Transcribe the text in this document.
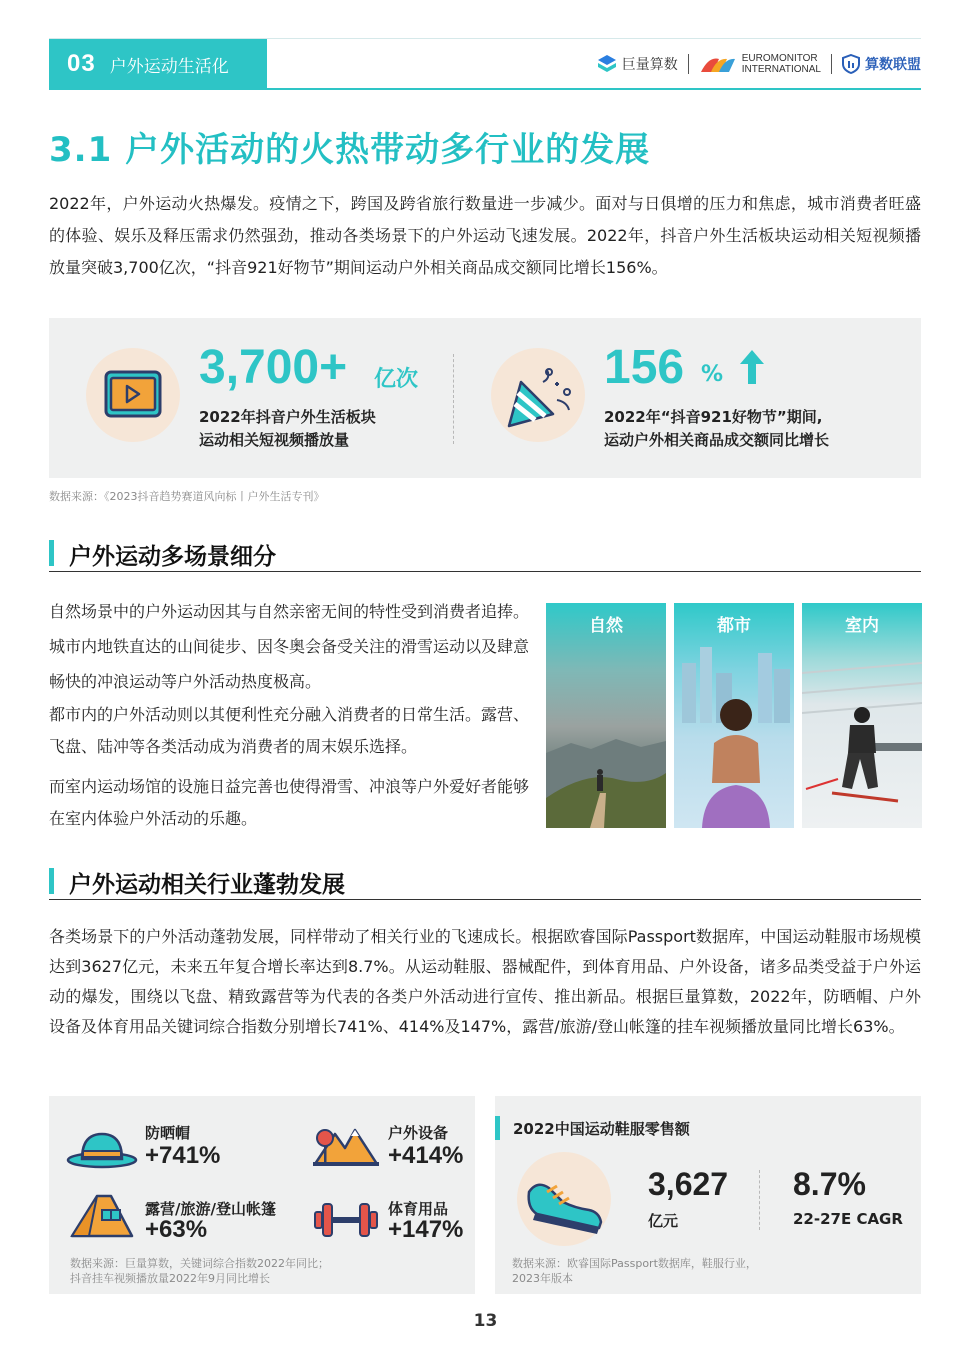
03 户外运动生活化	巨量算数	EUROMONITOR
INTERNATIONAL	算数联盟
3.1 户外活动的火热带动多行业的发展
2022年，户外运动火热爆发。疫情之下，跨国及跨省旅行数量进一步减少。面对与日俱增的压力和焦虑，城市消费者旺盛的体验、娱乐及释压需求仍然强劲，推动各类场景下的户外运动飞速发展。2022年，抖音户外生活板块运动相关短视频播放量突破3,700亿次，“抖音921好物节”期间运动户外相关商品成交额同比增长156%。
3,700+ 亿次
2022年抖音户外生活板块
运动相关短视频播放量
156 %
2022年“抖音921好物节”期间,
运动户外相关商品成交额同比增长
数据来源：《2023抖音趋势赛道风向标丨户外生活专刊》
户外运动多场景细分
自然场景中的户外运动因其与自然亲密无间的特性受到消费者追捧。城市内地铁直达的山间徒步、因冬奥会备受关注的滑雪运动以及肆意畅快的冲浪运动等户外活动热度极高。
都市内的户外活动则以其便利性充分融入消费者的日常生活。露营、飞盘、陆冲等各类活动成为消费者的周末娱乐选择。
而室内运动场馆的设施日益完善也使得滑雪、冲浪等户外爱好者能够在室内体验户外活动的乐趣。
自然	都市	室内
户外运动相关行业蓬勃发展
各类场景下的户外活动蓬勃发展，同样带动了相关行业的飞速成长。根据欧睿国际Passport数据库，中国运动鞋服市场规模达到3627亿元，未来五年复合增长率达到8.7%。从运动鞋服、器械配件，到体育用品、户外设备，诸多品类受益于户外运动的爆发，围绕以飞盘、精致露营等为代表的各类户外活动进行宣传、推出新品。根据巨量算数，2022年，防晒帽、户外设备及体育用品关键词综合指数分别增长741%、414%及147%，露营/旅游/登山帐篷的挂车视频播放量同比增长63%。
防晒帽
+741%
户外设备
+414%
露营/旅游/登山帐篷
+63%
体育用品
+147%
数据来源：巨量算数，关键词综合指数2022年同比；
抖音挂车视频播放量2022年9月同比增长
2022中国运动鞋服零售额
3,627
亿元
8.7%
22-27E CAGR
数据来源：欧睿国际Passport数据库，鞋服行业，
2023年版本
13
